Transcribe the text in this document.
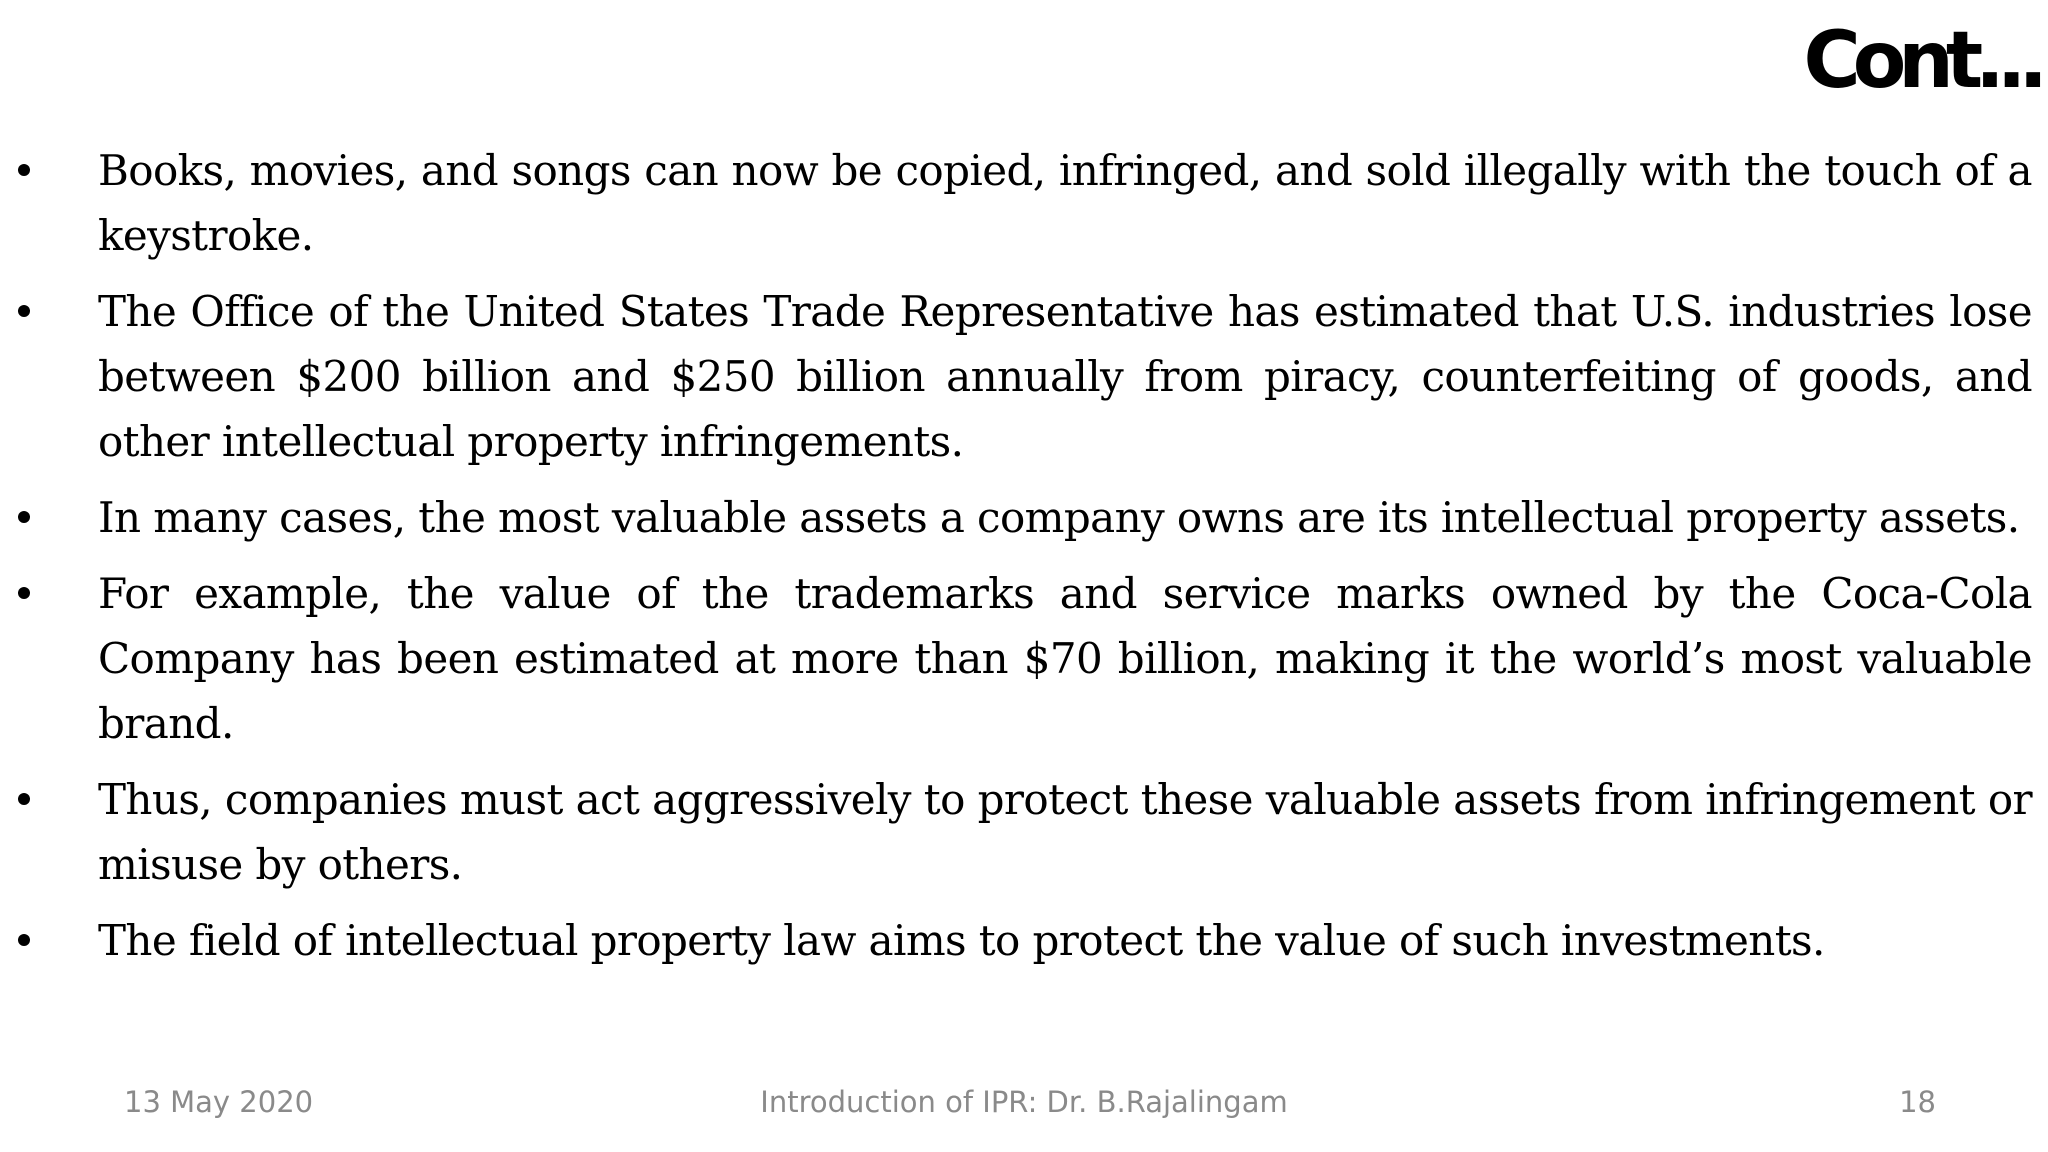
Cont...
Books, movies, and songs can now be copied, infringed, and sold illegally with the touch of a keystroke.
The Office of the United States Trade Representative has estimated that U.S. industries lose between $200 billion and $250 billion annually from piracy, counterfeiting of goods, and other intellectual property infringements.
In many cases, the most valuable assets a company owns are its intellectual property assets.
For example, the value of the trademarks and service marks owned by the Coca-Cola Company has been estimated at more than $70 billion, making it the world’s most valuable brand.
Thus, companies must act aggressively to protect these valuable assets from infringement or misuse by others.
The field of intellectual property law aims to protect the value of such investments.
13 May 2020	Introduction of IPR: Dr. B.Rajalingam	18
